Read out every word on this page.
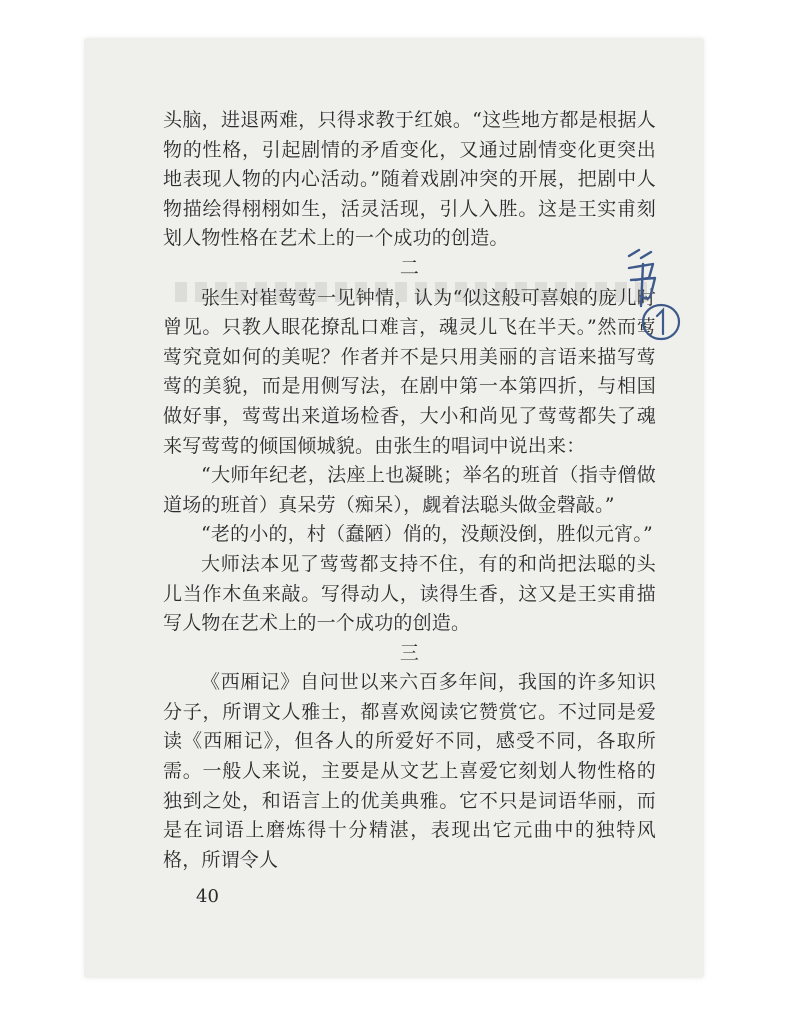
头脑，进退两难，只得求教于红娘。“这些地方都是根据人物的性格，引起剧情的矛盾变化，又通过剧情变化更突出地表现人物的内心活动。”随着戏剧冲突的开展，把剧中人物描绘得栩栩如生，活灵活现，引人入胜。这是王实甫刻划人物性格在艺术上的一个成功的创造。

二

张生对崔莺莺一见钟情，认为“似这般可喜娘的庞儿时曾见。只教人眼花撩乱口难言，魂灵儿飞在半天。”然而莺莺究竟如何的美呢？作者并不是只用美丽的言语来描写莺莺的美貌，而是用侧写法，在剧中第一本第四折，与相国做好事，莺莺出来道场检香，大小和尚见了莺莺都失了魂来写莺莺的倾国倾城貌。由张生的唱词中说出来：

“大师年纪老，法座上也凝眺；举名的班首（指寺僧做道场的班首）真呆劳（痴呆），觑着法聪头做金磬敲。”

“老的小的，村（蠢陋）俏的，没颠没倒，胜似元宵。”

大师法本见了莺莺都支持不住，有的和尚把法聪的头儿当作木鱼来敲。写得动人，读得生香，这又是王实甫描写人物在艺术上的一个成功的创造。

三

《西厢记》自问世以来六百多年间，我国的许多知识分子，所谓文人雅士，都喜欢阅读它赞赏它。不过同是爱读《西厢记》，但各人的所爱好不同，感受不同，各取所需。一般人来说，主要是从文艺上喜爱它刻划人物性格的独到之处，和语言上的优美典雅。它不只是词语华丽，而是在词语上磨炼得十分精湛，表现出它元曲中的独特风格，所谓令人

40
第①
